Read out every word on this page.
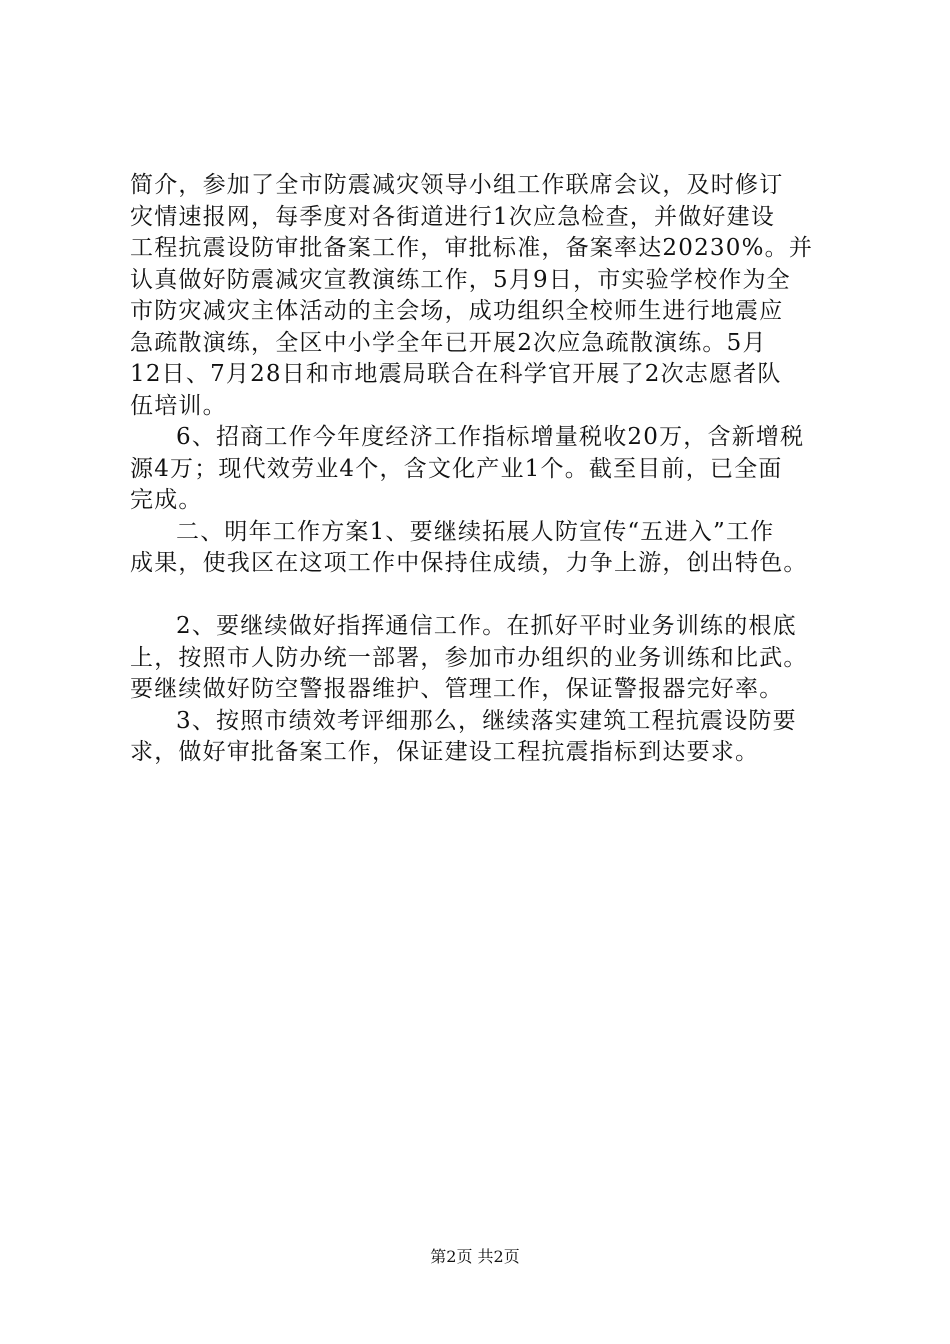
简介，参加了全市防震减灾领导小组工作联席会议，及时修订
灾情速报网，每季度对各街道进行1次应急检查，并做好建设
工程抗震设防审批备案工作，审批标准，备案率达20230%。并
认真做好防震减灾宣教演练工作，5月9日，市实验学校作为全
市防灾减灾主体活动的主会场，成功组织全校师生进行地震应
急疏散演练，全区中小学全年已开展2次应急疏散演练。5月
12日、7月28日和市地震局联合在科学官开展了2次志愿者队
伍培训。
6、招商工作今年度经济工作指标增量税收20万，含新增税
源4万；现代效劳业4个，含文化产业1个。截至目前，已全面
完成。
二、明年工作方案1、要继续拓展人防宣传“五进入”工作
成果，使我区在这项工作中保持住成绩，力争上游，创出特色。
2、要继续做好指挥通信工作。在抓好平时业务训练的根底
上，按照市人防办统一部署，参加市办组织的业务训练和比武。
要继续做好防空警报器维护、管理工作，保证警报器完好率。
3、按照市绩效考评细那么，继续落实建筑工程抗震设防要
求，做好审批备案工作，保证建设工程抗震指标到达要求。
第2页 共2页
